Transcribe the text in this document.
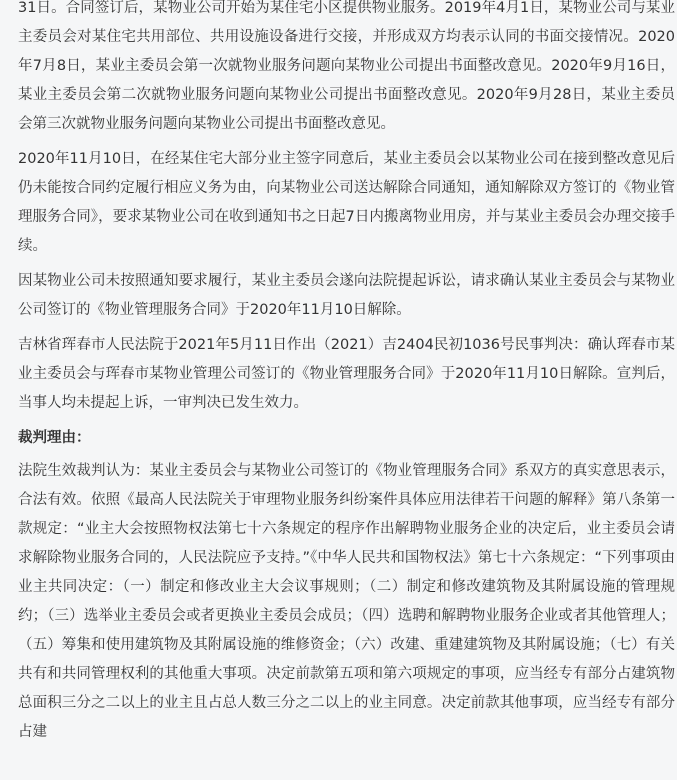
31日。合同签订后，某物业公司开始为某住宅小区提供物业服务。2019年4月1日，某物业公司与某业主委员会对某住宅共用部位、共用设施设备进行交接，并形成双方均表示认同的书面交接情况。2020年7月8日，某业主委员会第一次就物业服务问题向某物业公司提出书面整改意见。2020年9月16日，某业主委员会第二次就物业服务问题向某物业公司提出书面整改意见。2020年9月28日，某业主委员会第三次就物业服务问题向某物业公司提出书面整改意见。

2020年11月10日，在经某住宅大部分业主签字同意后，某业主委员会以某物业公司在接到整改意见后仍未能按合同约定履行相应义务为由，向某物业公司送达解除合同通知，通知解除双方签订的《物业管理服务合同》，要求某物业公司在收到通知书之日起7日内搬离物业用房，并与某业主委员会办理交接手续。

因某物业公司未按照通知要求履行，某业主委员会遂向法院提起诉讼，请求确认某业主委员会与某物业公司签订的《物业管理服务合同》于2020年11月10日解除。

吉林省珲春市人民法院于2021年5月11日作出（2021）吉2404民初1036号民事判决：确认珲春市某业主委员会与珲春市某物业管理公司签订的《物业管理服务合同》于2020年11月10日解除。宣判后，当事人均未提起上诉，一审判决已发生效力。

裁判理由：

法院生效裁判认为：某业主委员会与某物业公司签订的《物业管理服务合同》系双方的真实意思表示，合法有效。依照《最高人民法院关于审理物业服务纠纷案件具体应用法律若干问题的解释》第八条第一款规定：“业主大会按照物权法第七十六条规定的程序作出解聘物业服务企业的决定后，业主委员会请求解除物业服务合同的，人民法院应予支持。”《中华人民共和国物权法》第七十六条规定：“下列事项由业主共同决定：（一）制定和修改业主大会议事规则；（二）制定和修改建筑物及其附属设施的管理规约；（三）选举业主委员会或者更换业主委员会成员；（四）选聘和解聘物业服务企业或者其他管理人；（五）筹集和使用建筑物及其附属设施的维修资金；（六）改建、重建建筑物及其附属设施；（七）有关共有和共同管理权利的其他重大事项。决定前款第五项和第六项规定的事项，应当经专有部分占建筑物总面积三分之二以上的业主且占总人数三分之二以上的业主同意。决定前款其他事项，应当经专有部分占建
